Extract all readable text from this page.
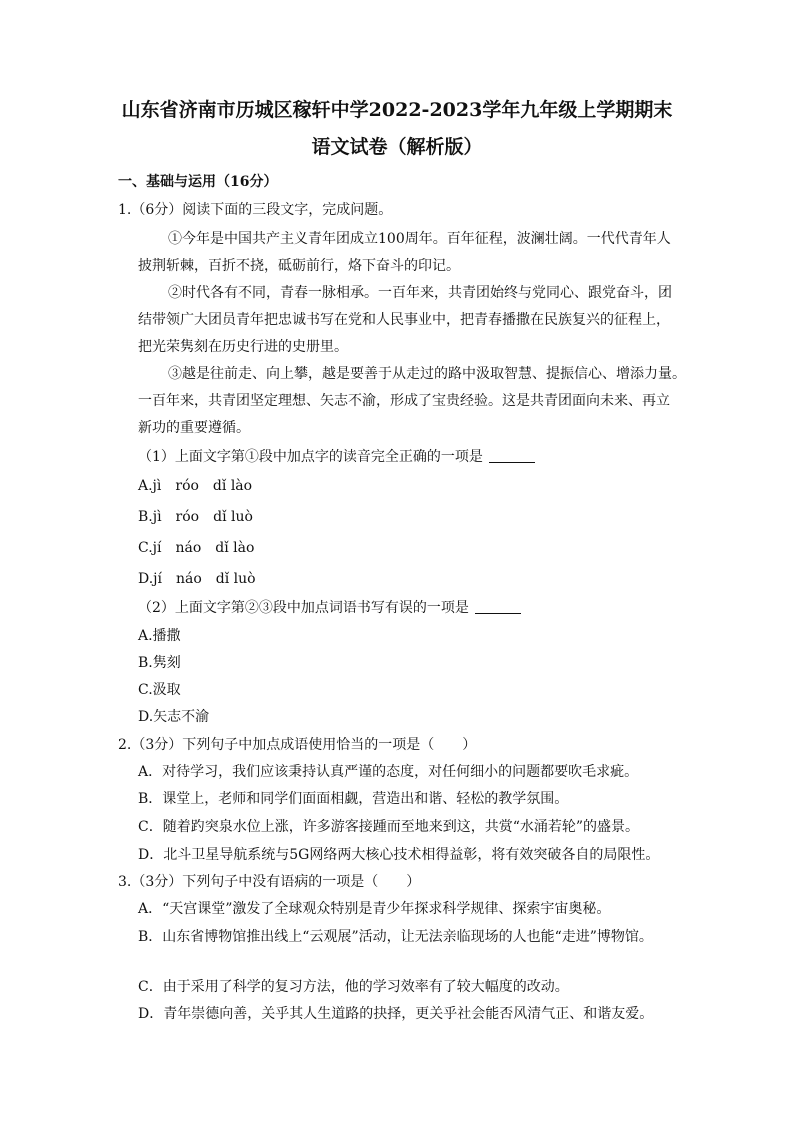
山东省济南市历城区稼轩中学2022-2023学年九年级上学期期末
语文试卷（解析版）
一、基础与运用（16分）
1.（6分）阅读下面的三段文字，完成问题。
①今年是中国共产主义青年团成立100周年。百年征程，波澜壮阔。一代代青年人
披荆斩棘，百折不挠，砥砺前行，烙下奋斗的印记。
②时代各有不同，青春一脉相承。一百年来，共青团始终与党同心、跟党奋斗，团
结带领广大团员青年把忠诚书写在党和人民事业中，把青春播撒在民族复兴的征程上，
把光荣隽刻在历史行进的史册里。
③越是往前走、向上攀，越是要善于从走过的路中汲取智慧、提振信心、增添力量。
一百年来，共青团坚定理想、矢志不渝，形成了宝贵经验。这是共青团面向未来、再立
新功的重要遵循。
（1）上面文字第①段中加点字的读音完全正确的一项是
A.jì　róo　dǐ lào
B.jì　róo　dǐ luò
C.jí　náo　dǐ lào
D.jí　náo　dǐ luò
（2）上面文字第②③段中加点词语书写有误的一项是
A.播撒
B.隽刻
C.汲取
D.矢志不渝
2.（3分）下列句子中加点成语使用恰当的一项是（　　）
A．对待学习，我们应该秉持认真严谨的态度，对任何细小的问题都要吹毛求疵。
B．课堂上，老师和同学们面面相觑，营造出和谐、轻松的教学氛围。
C．随着趵突泉水位上涨，许多游客接踵而至地来到这，共赏“水涌若轮”的盛景。
D．北斗卫星导航系统与5G网络两大核心技术相得益彰，将有效突破各自的局限性。
3.（3分）下列句子中没有语病的一项是（　　）
A．“天宫课堂”激发了全球观众特别是青少年探求科学规律、探索宇宙奥秘。
B．山东省博物馆推出线上“云观展”活动，让无法亲临现场的人也能“走进”博物馆。
C．由于采用了科学的复习方法，他的学习效率有了较大幅度的改动。
D．青年崇德向善，关乎其人生道路的抉择，更关乎社会能否风清气正、和谐友爱。
